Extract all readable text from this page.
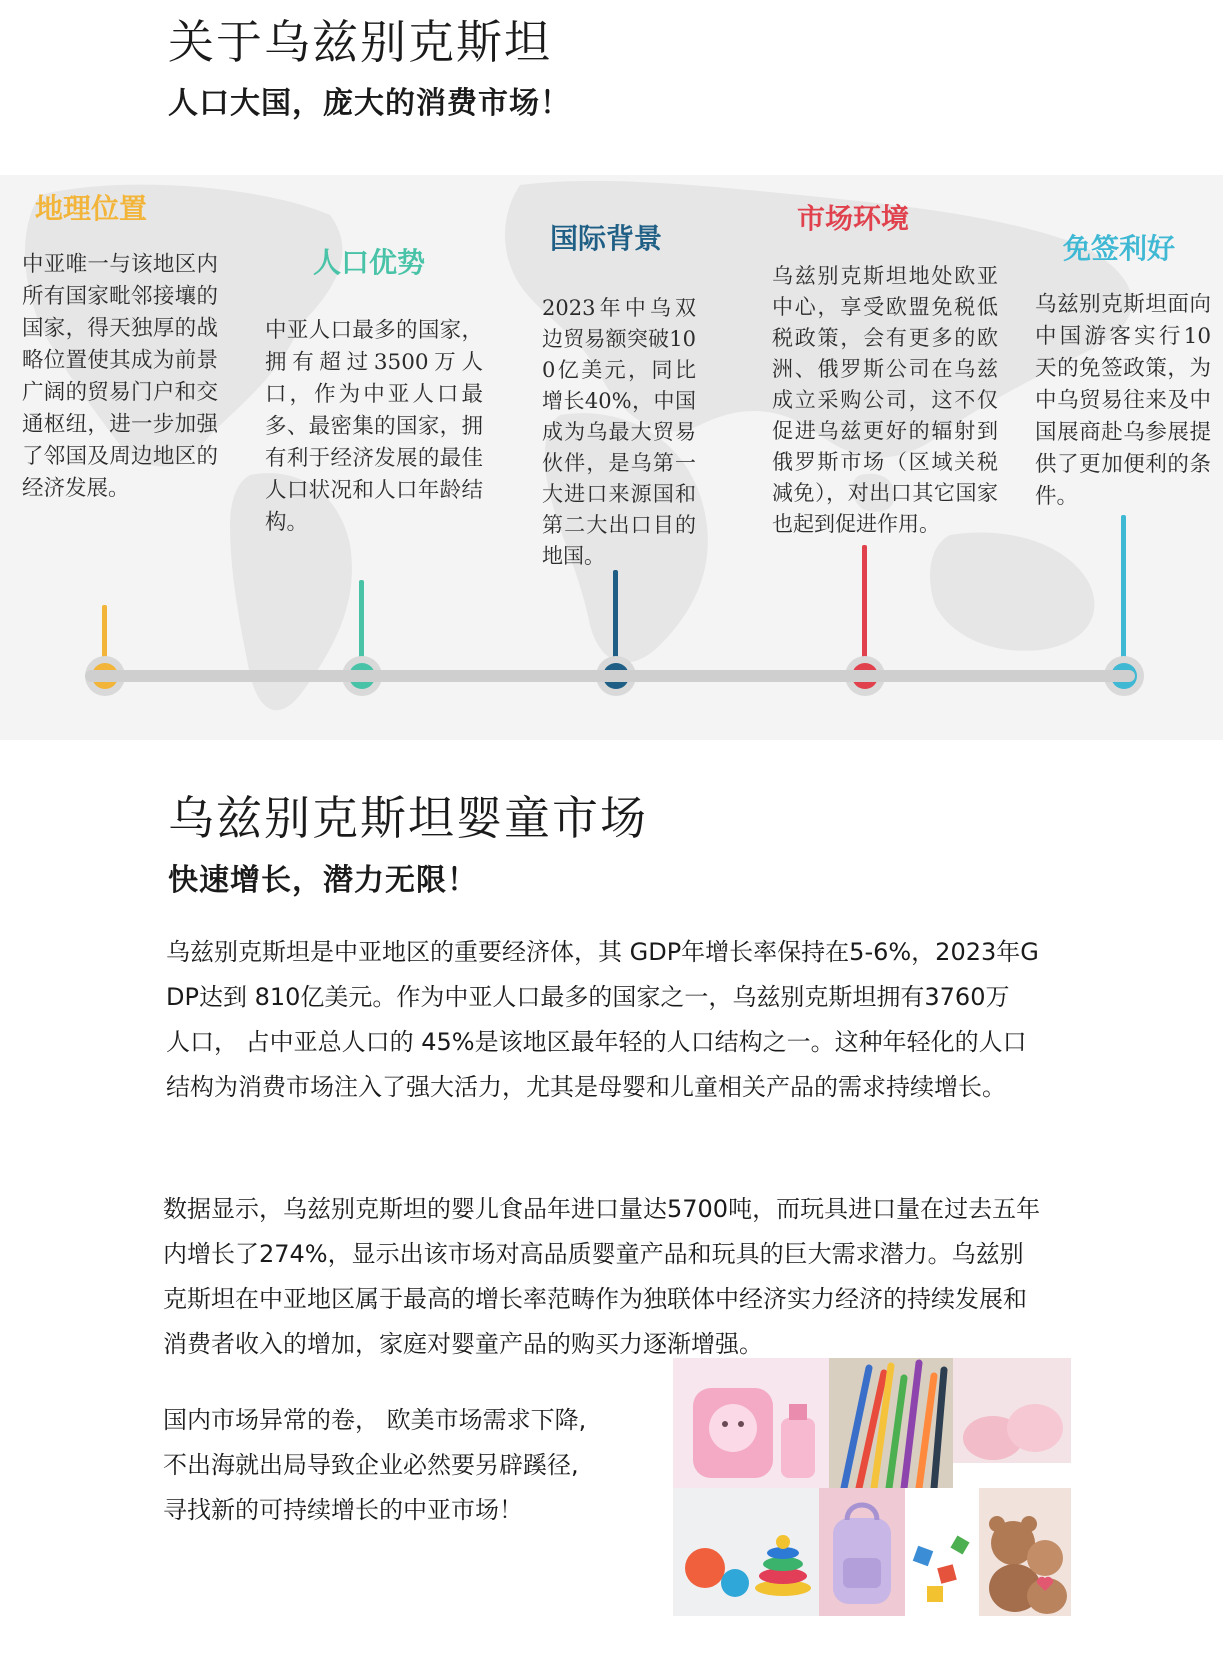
关于乌兹别克斯坦
人口大国，庞大的消费市场！
地理位置
中亚唯一与该地区内所有国家毗邻接壤的国家，得天独厚的战略位置使其成为前景广阔的贸易门户和交通枢纽，进一步加强了邻国及周边地区的经济发展。
人口优势
中亚人口最多的国家，拥有超过3500万人口，作为中亚人口最多、最密集的国家，拥有利于经济发展的最佳人口状况和人口年龄结构。
国际背景
2023年中乌双边贸易额突破100亿美元，同比增长40%，中国成为乌最大贸易伙伴，是乌第一大进口来源国和第二大出口目的地国。
市场环境
乌兹别克斯坦地处欧亚中心，享受欧盟免税低税政策，会有更多的欧洲、俄罗斯公司在乌兹成立采购公司，这不仅促进乌兹更好的辐射到俄罗斯市场（区域关税减免），对出口其它国家也起到促进作用。
免签利好
乌兹别克斯坦面向中国游客实行10天的免签政策，为中乌贸易往来及中国展商赴乌参展提供了更加便利的条件。
乌兹别克斯坦婴童市场
快速增长，潜力无限！

乌兹别克斯坦是中亚地区的重要经济体，其 GDP年增长率保持在5-6%，2023年GDP达到 810亿美元。作为中亚人口最多的国家之一，乌兹别克斯坦拥有3760万 人口， 占中亚总人口的 45%是该地区最年轻的人口结构之一。这种年轻化的人口结构为消费市场注入了强大活力，尤其是母婴和儿童相关产品的需求持续增长。

数据显示，乌兹别克斯坦的婴儿食品年进口量达5700吨，而玩具进口量在过去五年内增长了274%，显示出该市场对高品质婴童产品和玩具的巨大需求潜力。乌兹别克斯坦在中亚地区属于最高的增长率范畴作为独联体中经济实力经济的持续发展和消费者收入的增加，家庭对婴童产品的购买力逐渐增强。

国内市场异常的卷， 欧美市场需求下降,

不出海就出局导致企业必然要另辟蹊径,

寻找新的可持续增长的中亚市场！
